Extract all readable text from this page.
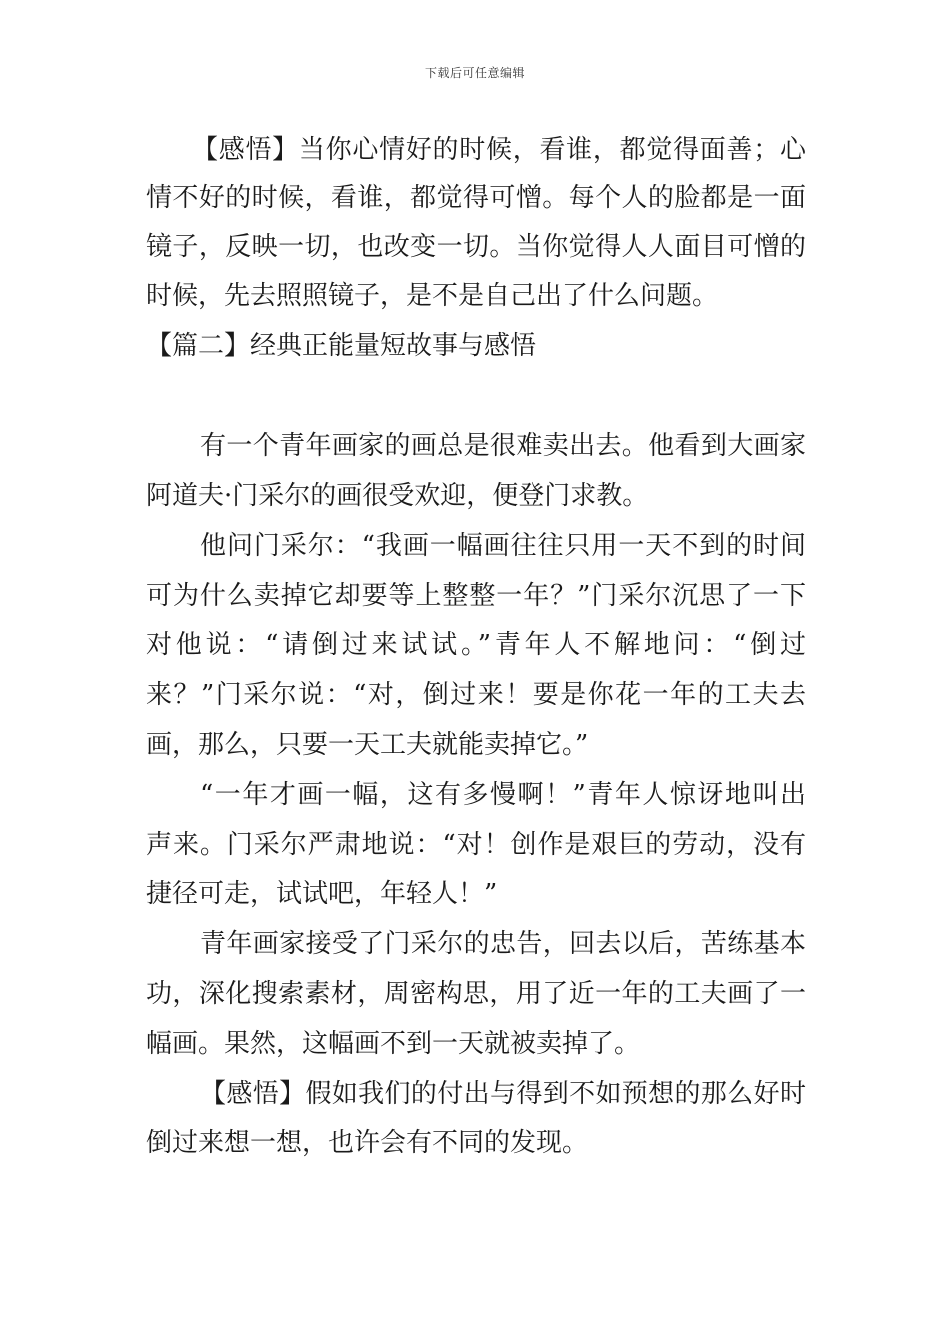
下载后可任意编辑
【感悟】当你心情好的时候，看谁，都觉得面善；心
情不好的时候，看谁，都觉得可憎。每个人的脸都是一面
镜子，反映一切，也改变一切。当你觉得人人面目可憎的
时候，先去照照镜子，是不是自己出了什么问题。
【篇二】经典正能量短故事与感悟
有一个青年画家的画总是很难卖出去。他看到大画家
阿道夫·门采尔的画很受欢迎，便登门求教。
他问门采尔：“我画一幅画往往只用一天不到的时间
可为什么卖掉它却要等上整整一年？”门采尔沉思了一下
对他说：“请倒过来试试。”青年人不解地问：“倒过
来？”门采尔说：“对，倒过来！要是你花一年的工夫去
画，那么，只要一天工夫就能卖掉它。”
“一年才画一幅，这有多慢啊！”青年人惊讶地叫出
声来。门采尔严肃地说：“对！创作是艰巨的劳动，没有
捷径可走，试试吧，年轻人！”
青年画家接受了门采尔的忠告，回去以后，苦练基本
功，深化搜索素材，周密构思，用了近一年的工夫画了一
幅画。果然，这幅画不到一天就被卖掉了。
【感悟】假如我们的付出与得到不如预想的那么好时
倒过来想一想，也许会有不同的发现。
